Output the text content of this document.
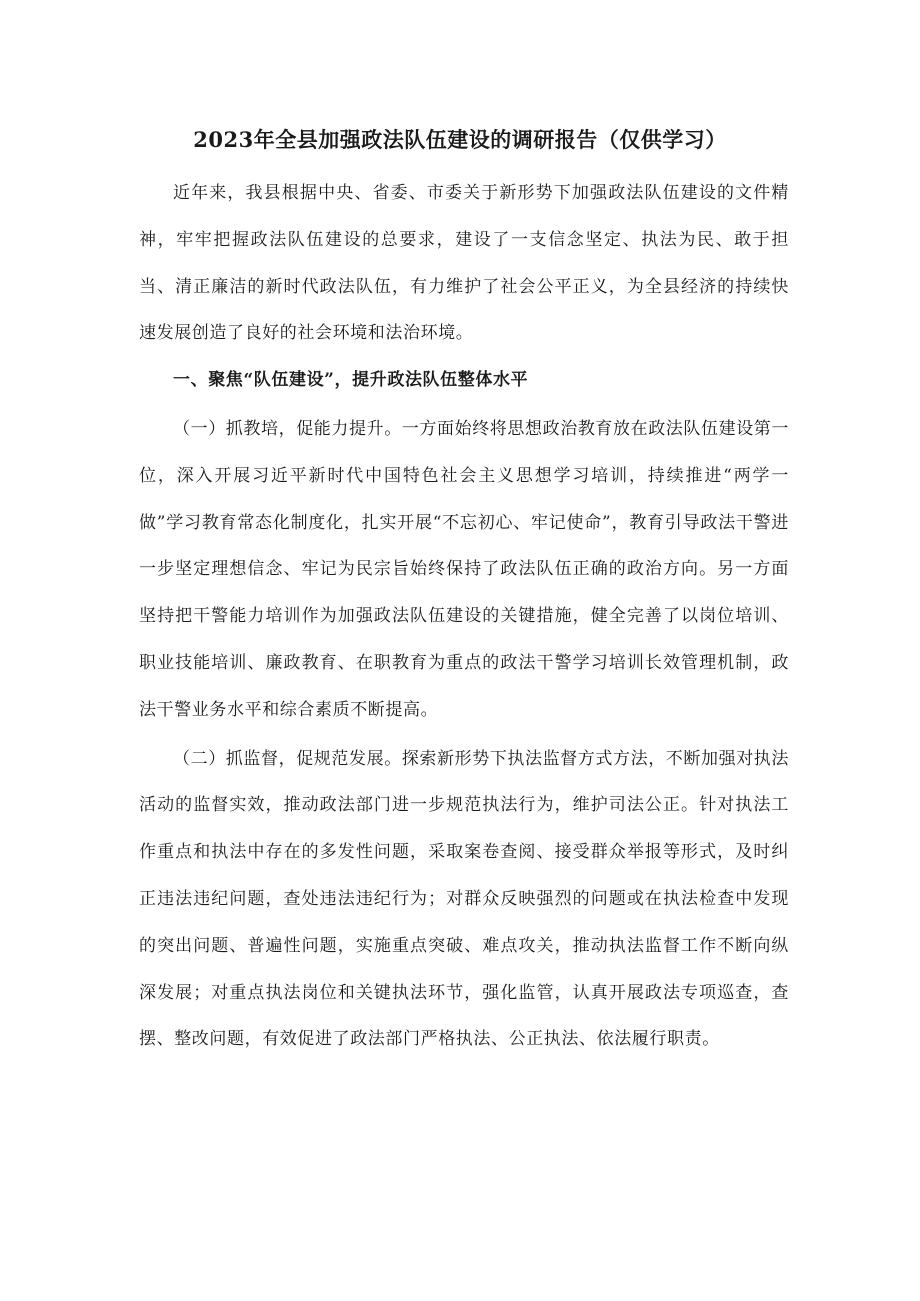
2023年全县加强政法队伍建设的调研报告（仅供学习）

近年来，我县根据中央、省委、市委关于新形势下加强政法队伍建设的文件精神，牢牢把握政法队伍建设的总要求，建设了一支信念坚定、执法为民、敢于担当、清正廉洁的新时代政法队伍，有力维护了社会公平正义，为全县经济的持续快速发展创造了良好的社会环境和法治环境。

一、聚焦“队伍建设”，提升政法队伍整体水平

（一）抓教培，促能力提升。一方面始终将思想政治教育放在政法队伍建设第一位，深入开展习近平新时代中国特色社会主义思想学习培训，持续推进“两学一做”学习教育常态化制度化，扎实开展“不忘初心、牢记使命”，教育引导政法干警进一步坚定理想信念、牢记为民宗旨始终保持了政法队伍正确的政治方向。另一方面坚持把干警能力培训作为加强政法队伍建设的关键措施，健全完善了以岗位培训、职业技能培训、廉政教育、在职教育为重点的政法干警学习培训长效管理机制，政法干警业务水平和综合素质不断提高。

（二）抓监督，促规范发展。探索新形势下执法监督方式方法，不断加强对执法活动的监督实效，推动政法部门进一步规范执法行为，维护司法公正。针对执法工作重点和执法中存在的多发性问题，采取案卷查阅、接受群众举报等形式，及时纠正违法违纪问题，查处违法违纪行为；对群众反映强烈的问题或在执法检查中发现的突出问题、普遍性问题，实施重点突破、难点攻关，推动执法监督工作不断向纵深发展；对重点执法岗位和关键执法环节，强化监管，认真开展政法专项巡查，查摆、整改问题，有效促进了政法部门严格执法、公正执法、依法履行职责。
